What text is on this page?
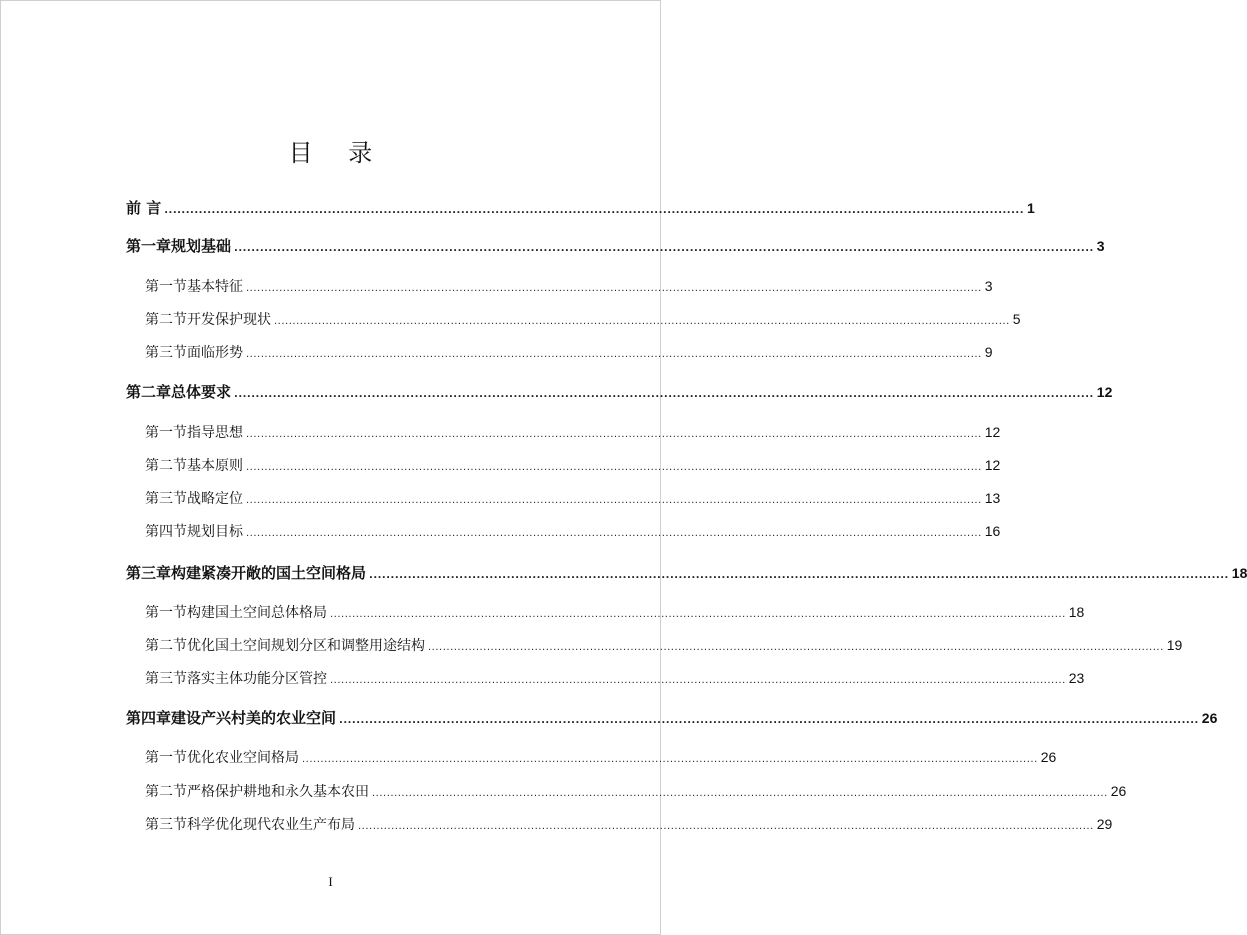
目 录
前 言 ........................................................................................................................................................................................................ 1
第一章 规划基础 ........................................................................................................................................................................................................ 3
第一节 基本特征 ........................................................................................................................................................................................................ 3
第二节 开发保护现状 ........................................................................................................................................................................................................ 5
第三节 面临形势 ........................................................................................................................................................................................................ 9
第二章 总体要求 ........................................................................................................................................................................................................ 12
第一节 指导思想 ........................................................................................................................................................................................................ 12
第二节 基本原则 ........................................................................................................................................................................................................ 12
第三节 战略定位 ........................................................................................................................................................................................................ 13
第四节 规划目标 ........................................................................................................................................................................................................ 16
第三章 构建紧凑开敞的国土空间格局 ........................................................................................................................................................................................................ 18
第一节 构建国土空间总体格局 ........................................................................................................................................................................................................ 18
第二节 优化国土空间规划分区和调整用途结构 ........................................................................................................................................................................................................ 19
第三节 落实主体功能分区管控 ........................................................................................................................................................................................................ 23
第四章 建设产兴村美的农业空间 ........................................................................................................................................................................................................ 26
第一节 优化农业空间格局 ........................................................................................................................................................................................................ 26
第二节 严格保护耕地和永久基本农田 ........................................................................................................................................................................................................ 26
第三节 科学优化现代农业生产布局 ........................................................................................................................................................................................................ 29
I
